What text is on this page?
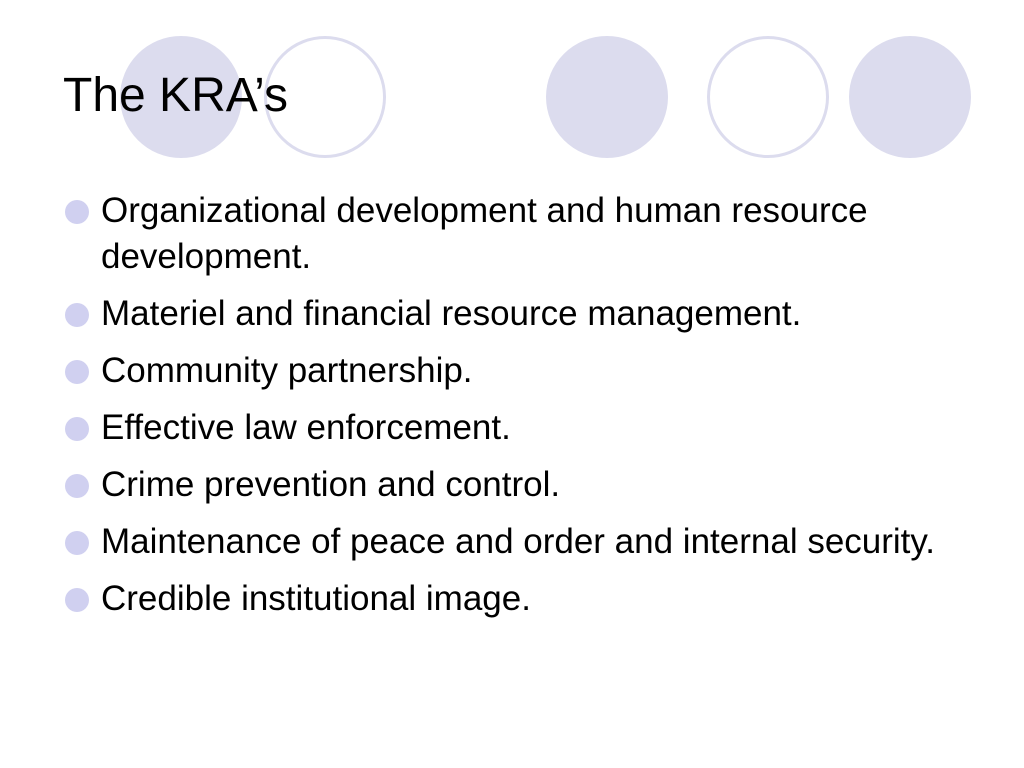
The KRA’s
Organizational development and human resource development.
Materiel and financial resource management.
Community partnership.
Effective law enforcement.
Crime prevention and control.
Maintenance of peace and order and internal security.
Credible institutional image.
